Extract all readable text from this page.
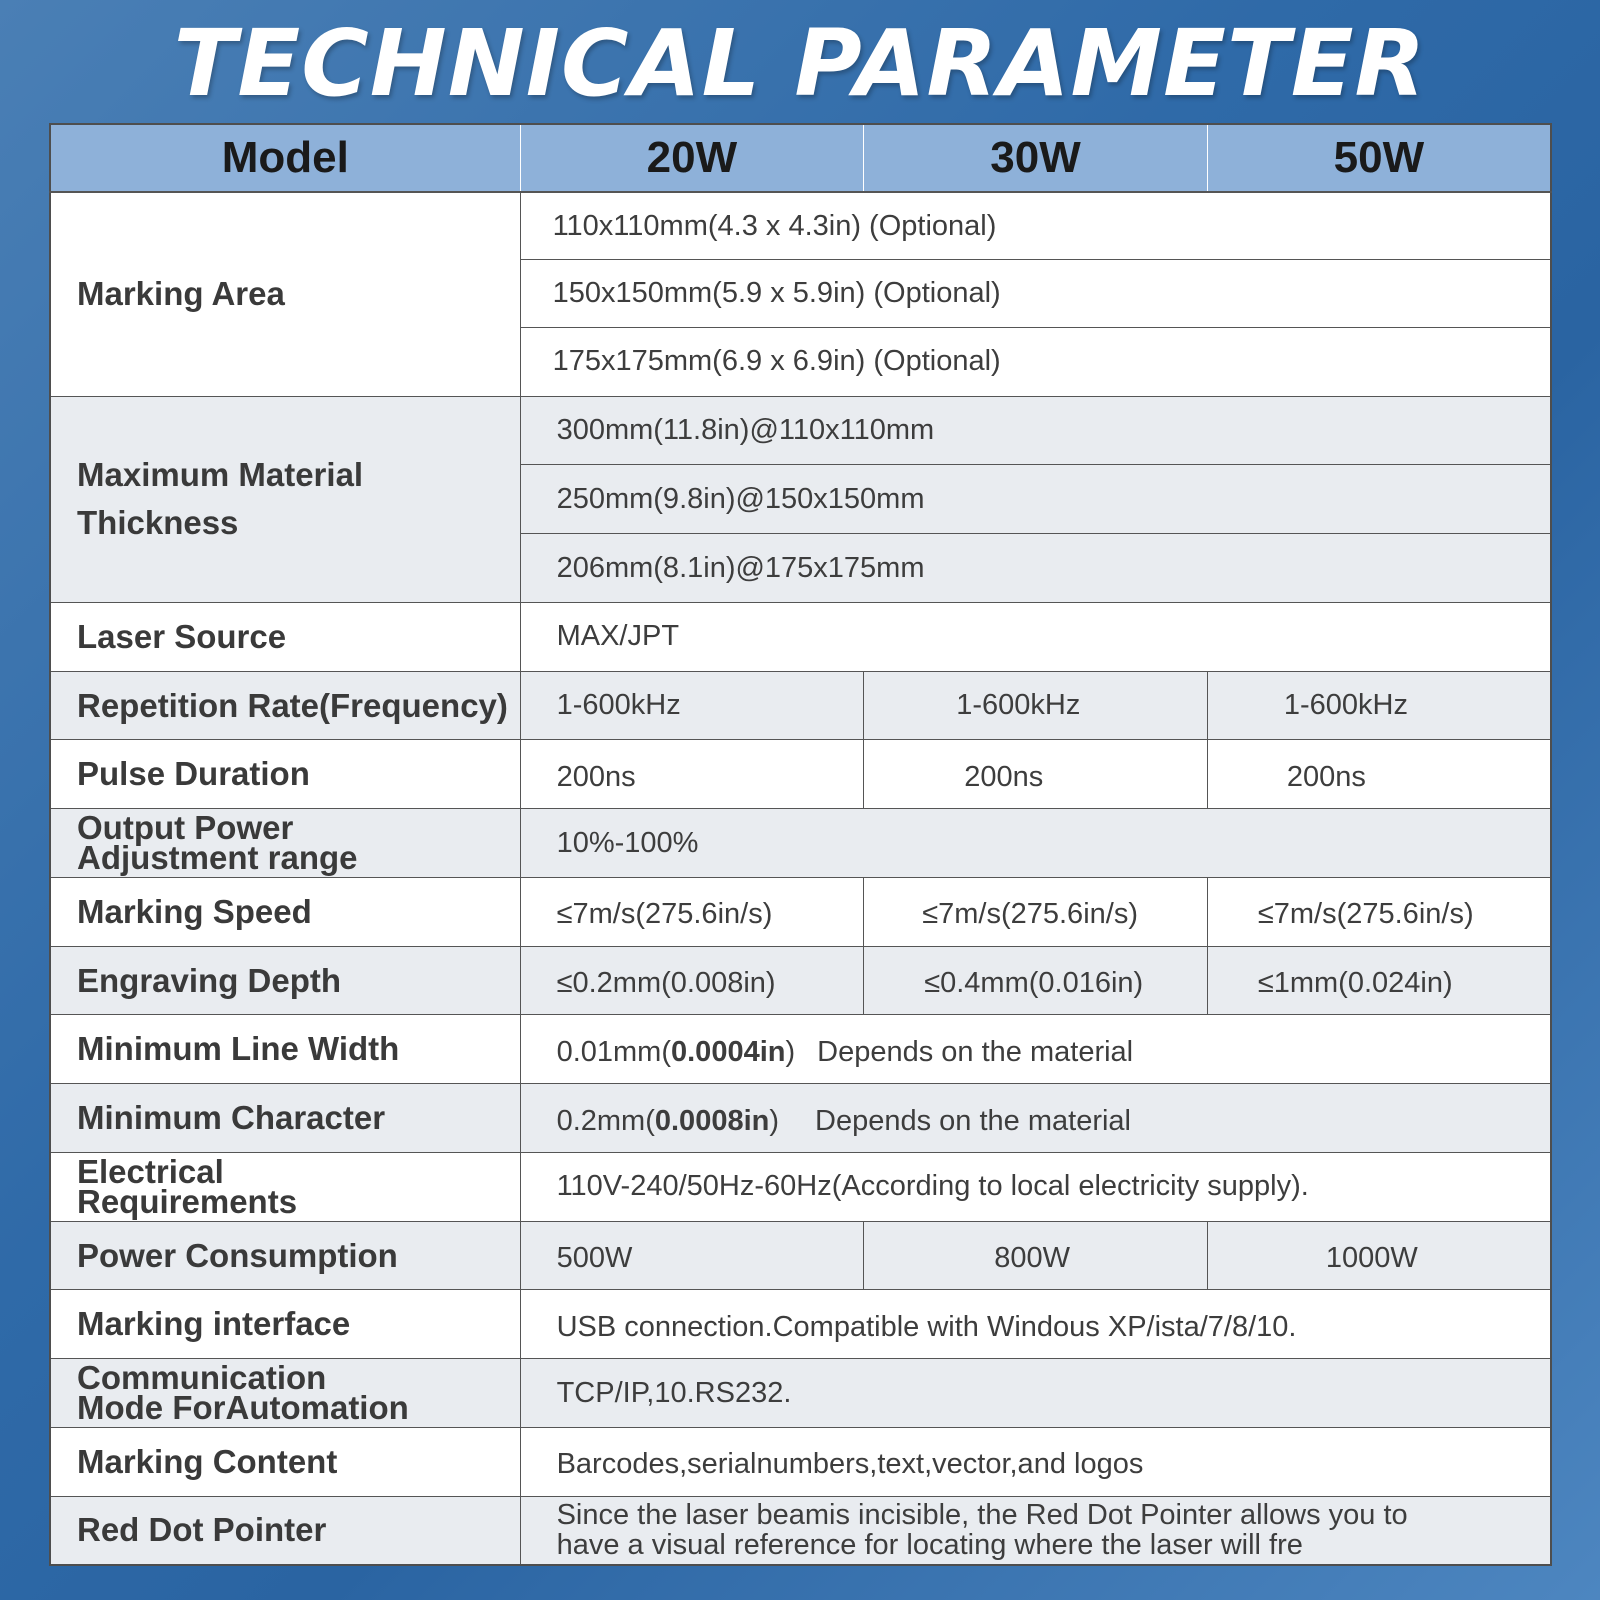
TECHNICAL PARAMETER
Model	20W	30W	50W
Marking Area	110x110mm(4.3 x 4.3in) (Optional)		
	150x150mm(5.9 x 5.9in) (Optional)		
	175x175mm(6.9 x 6.9in) (Optional)		
Maximum Material
Thickness	300mm(11.8in)@110x110mm		
	250mm(9.8in)@150x150mm		
	206mm(8.1in)@175x175mm		
Laser Source	MAX/JPT		
Repetition Rate(Frequency)	1-600kHz	1-600kHz	1-600kHz
Pulse Duration	200ns	200ns	200ns
Output Power
Adjustment range	10%-100%		
Marking Speed	≤7m/s(275.6in/s)	≤7m/s(275.6in/s)	≤7m/s(275.6in/s)
Engraving Depth	≤0.2mm(0.008in)	≤0.4mm(0.016in)	≤1mm(0.024in)
Minimum Line Width	0.01mm(0.0004in) Depends on the material		
Minimum Character	0.2mm(0.0008in) Depends on the material		
Electrical
Requirements	110V-240/50Hz-60Hz(According to local electricity supply).		
Power Consumption	500W	800W	1000W
Marking interface	USB connection.Compatible with Windous XP/ista/7/8/10.		
Communication
Mode ForAutomation	TCP/IP,10.RS232.		
Marking Content	Barcodes,serialnumbers,text,vector,and logos		
Red Dot Pointer	Since the laser beamis incisible, the Red Dot Pointer allows you to
have a visual reference for locating where the laser will fre		
